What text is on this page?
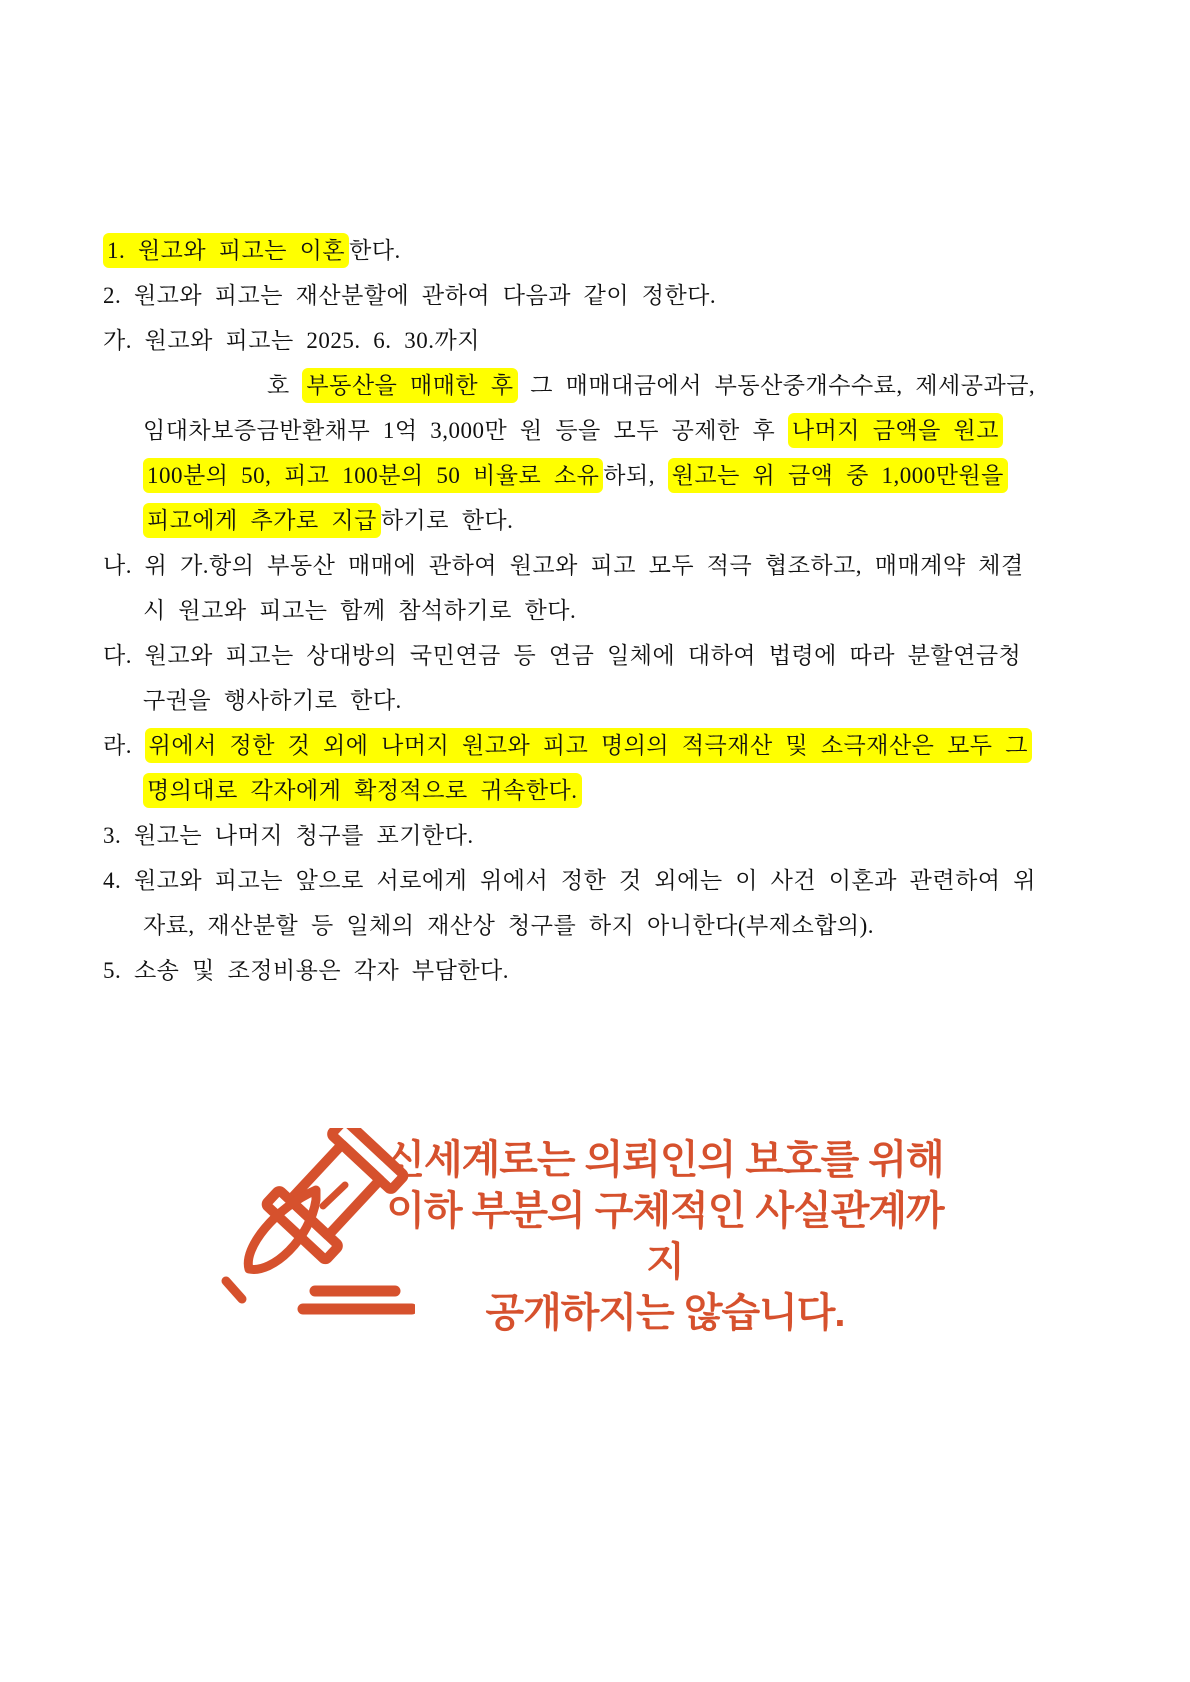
1. 원고와 피고는 이혼 한다.
2. 원고와 피고는 재산분할에 관하여 다음과 같이 정한다.
가. 원고와 피고는 2025. 6. 30.까지
호 부동산을 매매한 후 그 매매대금에서 부동산중개수수료, 제세공과금,
임대차보증금반환채무 1억 3,000만 원 등을 모두 공제한 후 나머지 금액을 원고
100분의 50, 피고 100분의 50 비율로 소유 하되, 원고는 위 금액 중 1,000만원을
피고에게 추가로 지급 하기로 한다.
나. 위 가.항의 부동산 매매에 관하여 원고와 피고 모두 적극 협조하고, 매매계약 체결
시 원고와 피고는 함께 참석하기로 한다.
다. 원고와 피고는 상대방의 국민연금 등 연금 일체에 대하여 법령에 따라 분할연금청
구권을 행사하기로 한다.
라. 위에서 정한 것 외에 나머지 원고와 피고 명의의 적극재산 및 소극재산은 모두 그
명의대로 각자에게 확정적으로 귀속한다.
3. 원고는 나머지 청구를 포기한다.
4. 원고와 피고는 앞으로 서로에게 위에서 정한 것 외에는 이 사건 이혼과 관련하여 위
자료, 재산분할 등 일체의 재산상 청구를 하지 아니한다(부제소합의).
5. 소송 및 조정비용은 각자 부담한다.
신세계로는 의뢰인의 보호를 위해
이하 부분의 구체적인 사실관계까지
공개하지는 않습니다.
